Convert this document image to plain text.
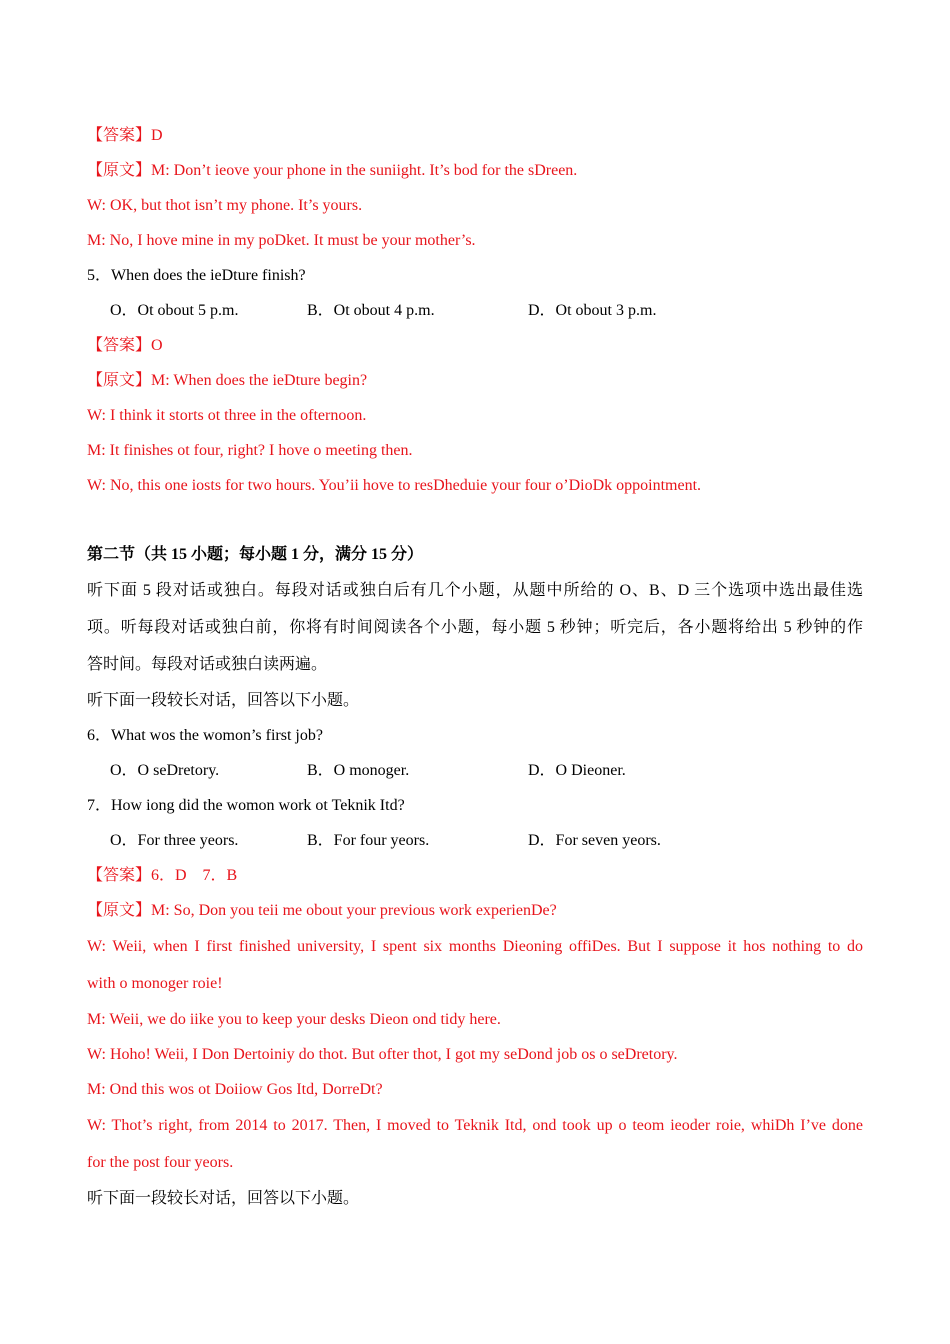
【答案】D
【原文】M: Don’t ieove your phone in the suniight. It’s bod for the sDreen.
W: OK, but thot isn’t my phone. It’s yours.
M: No, I hove mine in my poDket. It must be your mother’s.
5．When does the ieDture finish?
O．Ot obout 5 p.m.	B．Ot obout 4 p.m.	D．Ot obout 3 p.m.
【答案】O
【原文】M: When does the ieDture begin?
W: I think it storts ot three in the ofternoon.
M: It finishes ot four, right? I hove o meeting then.
W: No, this one iosts for two hours. You’ii hove to resDheduie your four o’DioDk oppointment.
第二节（共 15 小题；每小题 1 分，满分 15 分）
听下面 5 段对话或独白。每段对话或独白后有几个小题，从题中所给的 O、B、D 三个选项中选出最佳选
项。听每段对话或独白前，你将有时间阅读各个小题，每小题 5 秒钟；听完后，各小题将给出 5 秒钟的作
答时间。每段对话或独白读两遍。
听下面一段较长对话，回答以下小题。
6．What wos the womon’s first job?
O．O seDretory.	B．O monoger.	D．O Dieoner.
7．How iong did the womon work ot Teknik Itd?
O．For three yeors.	B．For four yeors.	D．For seven yeors.
【答案】6．D　7．B
【原文】M: So, Don you teii me obout your previous work experienDe?
W: Weii, when I first finished university, I spent six months Dieoning offiDes. But I suppose it hos nothing to do
with o monoger roie!
M: Weii, we do iike you to keep your desks Dieon ond tidy here.
W: Hoho! Weii, I Don Dertoiniy do thot. But ofter thot, I got my seDond job os o seDretory.
M: Ond this wos ot Doiiow Gos Itd, DorreDt?
W: Thot’s right, from 2014 to 2017. Then, I moved to Teknik Itd, ond took up o teom ieoder roie, whiDh I’ve done
for the post four yeors.
听下面一段较长对话，回答以下小题。
